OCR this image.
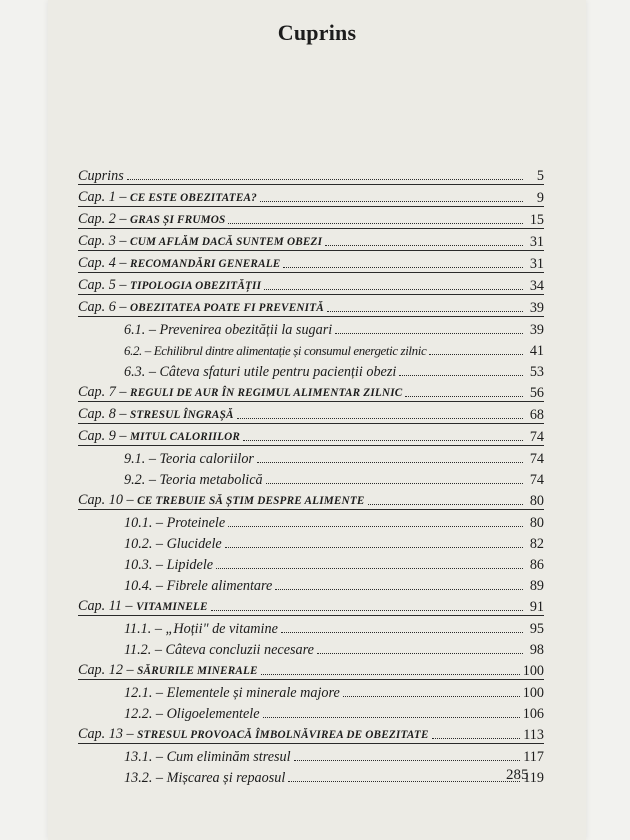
Cuprins
Cuprins	5
Cap. 1 – CE ESTE OBEZITATEA?	9
Cap. 2 – GRAS ȘI FRUMOS	15
Cap. 3 – CUM AFLĂM DACĂ SUNTEM OBEZI	31
Cap. 4 – RECOMANDĂRI GENERALE	31
Cap. 5 – TIPOLOGIA OBEZITĂȚII	34
Cap. 6 – OBEZITATEA POATE FI PREVENITĂ	39
6.1. – Prevenirea obezității la sugari	39
6.2. – Echilibrul dintre alimentație și consumul energetic zilnic	41
6.3. – Câteva sfaturi utile pentru pacienții obezi	53
Cap. 7 – REGULI DE AUR ÎN REGIMUL ALIMENTAR ZILNIC	56
Cap. 8 – STRESUL ÎNGRAȘĂ	68
Cap. 9 – MITUL CALORIILOR	74
9.1. – Teoria caloriilor	74
9.2. – Teoria metabolică	74
Cap. 10 – CE TREBUIE SĂ ȘTIM DESPRE ALIMENTE	80
10.1. – Proteinele	80
10.2. – Glucidele	82
10.3. – Lipidele	86
10.4. – Fibrele alimentare	89
Cap. 11 – VITAMINELE	91
11.1. – „Hoții" de vitamine	95
11.2. – Câteva concluzii necesare	98
Cap. 12 – SĂRURILE MINERALE	100
12.1. – Elementele și minerale majore	100
12.2. – Oligoelementele	106
Cap. 13 – STRESUL PROVOACĂ ÎMBOLNĂVIREA DE OBEZITATE	113
13.1. – Cum eliminăm stresul	117
13.2. – Mișcarea și repaosul	119
285
